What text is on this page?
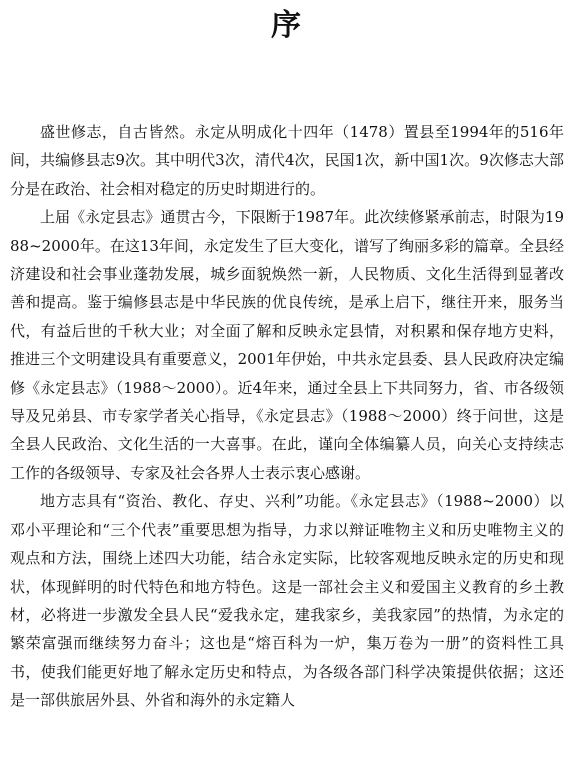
序

盛世修志，自古皆然。永定从明成化十四年（1478）置县至1994年的516年间，共编修县志9次。其中明代3次，清代4次，民国1次，新中国1次。9次修志大部分是在政治、社会相对稳定的历史时期进行的。

上届《永定县志》通贯古今，下限断于1987年。此次续修紧承前志，时限为1988~2000年。在这13年间，永定发生了巨大变化，谱写了绚丽多彩的篇章。全县经济建设和社会事业蓬勃发展，城乡面貌焕然一新，人民物质、文化生活得到显著改善和提高。鉴于编修县志是中华民族的优良传统，是承上启下，继往开来，服务当代，有益后世的千秋大业；对全面了解和反映永定县情，对积累和保存地方史料，推进三个文明建设具有重要意义，2001年伊始，中共永定县委、县人民政府决定编修《永定县志》（1988～2000）。近4年来，通过全县上下共同努力，省、市各级领导及兄弟县、市专家学者关心指导，《永定县志》（1988～2000）终于问世，这是全县人民政治、文化生活的一大喜事。在此，谨向全体编纂人员，向关心支持续志工作的各级领导、专家及社会各界人士表示衷心感谢。

地方志具有“资治、教化、存史、兴利”功能。《永定县志》（1988~2000）以邓小平理论和“三个代表”重要思想为指导，力求以辩证唯物主义和历史唯物主义的观点和方法，围绕上述四大功能，结合永定实际，比较客观地反映永定的历史和现状，体现鲜明的时代特色和地方特色。这是一部社会主义和爱国主义教育的乡土教材，必将进一步激发全县人民“爱我永定，建我家乡，美我家园”的热情，为永定的繁荣富强而继续努力奋斗；这也是“熔百科为一炉，集万卷为一册”的资料性工具书，使我们能更好地了解永定历史和特点，为各级各部门科学决策提供依据；这还是一部供旅居外县、外省和海外的永定籍人
